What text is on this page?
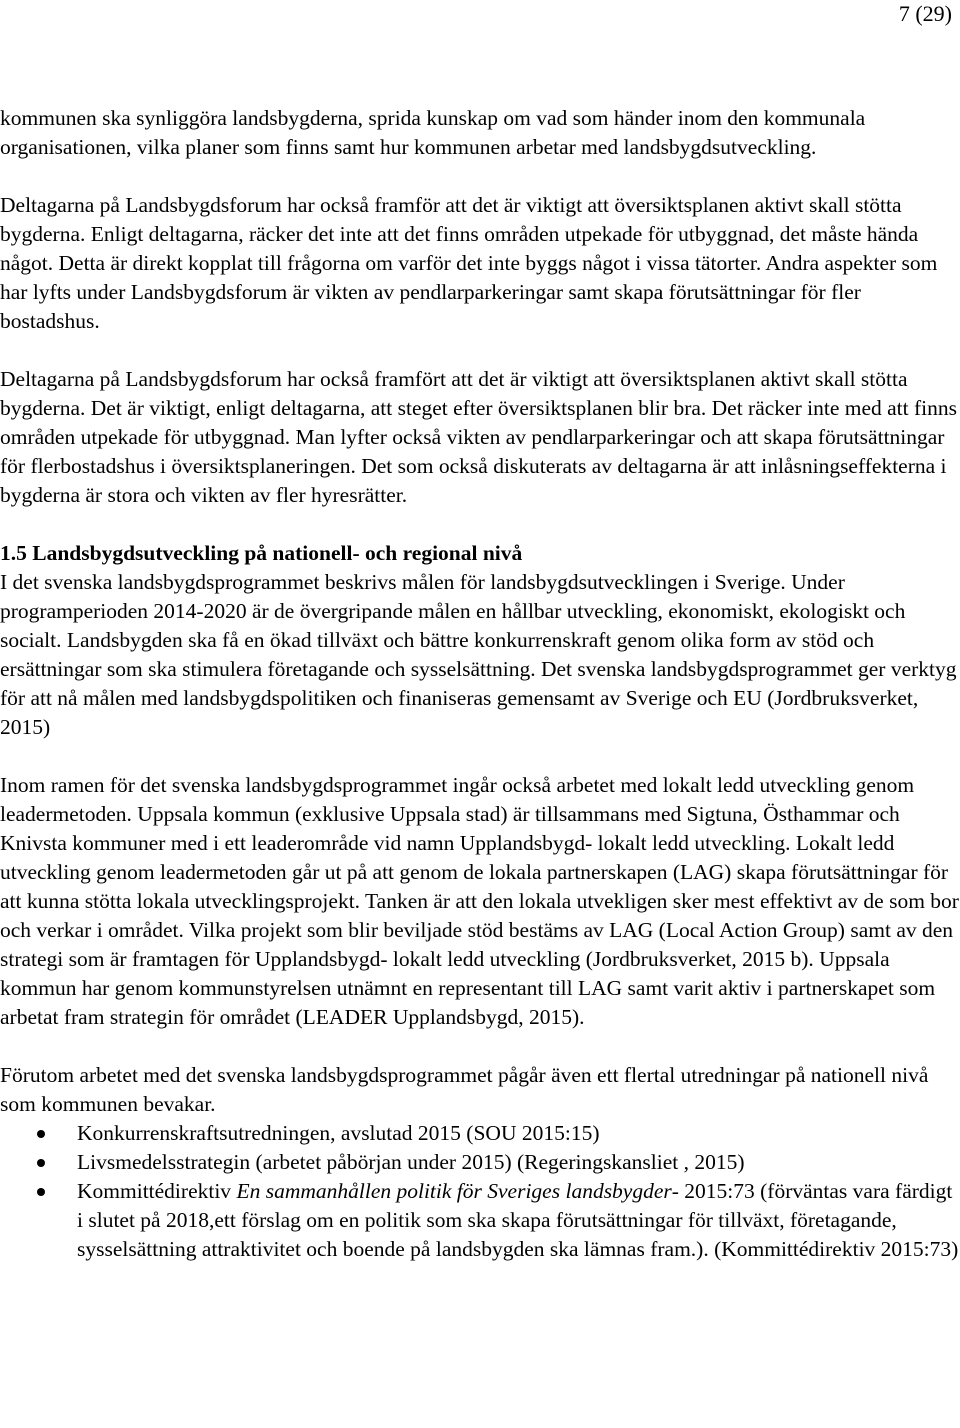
7 (29)

kommunen ska synliggöra landsbygderna, sprida kunskap om vad som händer inom den kommunala organisationen, vilka planer som finns samt hur kommunen arbetar med landsbygdsutveckling.

Deltagarna på Landsbygdsforum har också framför att det är viktigt att översiktsplanen aktivt skall stötta bygderna. Enligt deltagarna, räcker det inte att det finns områden utpekade för utbyggnad, det måste hända något. Detta är direkt kopplat till frågorna om varför det inte byggs något i vissa tätorter. Andra aspekter som har lyfts under Landsbygdsforum är vikten av pendlarparkeringar samt skapa förutsättningar för fler bostadshus.

Deltagarna på Landsbygdsforum har också framfört att det är viktigt att översiktsplanen aktivt skall stötta bygderna. Det är viktigt, enligt deltagarna, att steget efter översiktsplanen blir bra. Det räcker inte med att finns områden utpekade för utbyggnad. Man lyfter också vikten av pendlarparkeringar och att skapa förutsättningar för flerbostadshus i översiktsplaneringen. Det som också diskuterats av deltagarna är att inlåsningseffekterna i bygderna är stora och vikten av fler hyresrätter.

1.5 Landsbygdsutveckling på nationell- och regional nivå

I det svenska landsbygdsprogrammet beskrivs målen för landsbygdsutvecklingen i Sverige. Under programperioden 2014-2020 är de övergripande målen en hållbar utveckling, ekonomiskt, ekologiskt och socialt. Landsbygden ska få en ökad tillväxt och bättre konkurrenskraft genom olika form av stöd och ersättningar som ska stimulera företagande och sysselsättning. Det svenska landsbygdsprogrammet ger verktyg för att nå målen med landsbygdspolitiken och finaniseras gemensamt av Sverige och EU (Jordbruksverket, 2015)

Inom ramen för det svenska landsbygdsprogrammet ingår också arbetet med lokalt ledd utveckling genom leadermetoden. Uppsala kommun (exklusive Uppsala stad) är tillsammans med Sigtuna, Östhammar och Knivsta kommuner med i ett leaderområde vid namn Upplandsbygd- lokalt ledd utveckling. Lokalt ledd utveckling genom leadermetoden går ut på att genom de lokala partnerskapen (LAG) skapa förutsättningar för att kunna stötta lokala utvecklingsprojekt. Tanken är att den lokala utvekligen sker mest effektivt av de som bor och verkar i området. Vilka projekt som blir beviljade stöd bestäms av LAG (Local Action Group) samt av den strategi som är framtagen för Upplandsbygd- lokalt ledd utveckling (Jordbruksverket, 2015 b). Uppsala kommun har genom kommunstyrelsen utnämnt en representant till LAG samt varit aktiv i partnerskapet som arbetat fram strategin för området (LEADER Upplandsbygd, 2015).

Förutom arbetet med det svenska landsbygdsprogrammet pågår även ett flertal utredningar på nationell nivå som kommunen bevakar.

Konkurrenskraftsutredningen, avslutad 2015 (SOU 2015:15)
Livsmedelsstrategin (arbetet påbörjan under 2015) (Regeringskansliet , 2015)
Kommittédirektiv En sammanhållen politik för Sveriges landsbygder- 2015:73 (förväntas vara färdigt i slutet på 2018,ett förslag om en politik som ska skapa förutsättningar för tillväxt, företagande, sysselsättning attraktivitet och boende på landsbygden ska lämnas fram.). (Kommittédirektiv 2015:73)
